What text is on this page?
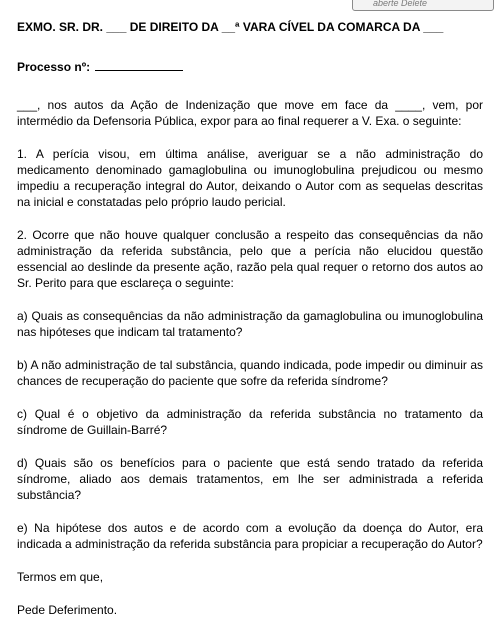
aberte Delete

EXMO. SR. DR. ___ DE DIREITO DA __ª VARA CÍVEL DA COMARCA DA ___

Processo nº:

___, nos autos da Ação de Indenização que move em face da ____, vem, por intermédio da Defensoria Pública, expor para ao final requerer a V. Exa. o seguinte:

1. A perícia visou, em última análise, averiguar se a não administração do medicamento denominado gamaglobulina ou imunoglobulina prejudicou ou mesmo impediu a recuperação integral do Autor, deixando o Autor com as sequelas descritas na inicial e constatadas pelo próprio laudo pericial.

2. Ocorre que não houve qualquer conclusão a respeito das consequências da não administração da referida substância, pelo que a perícia não elucidou questão essencial ao deslinde da presente ação, razão pela qual requer o retorno dos autos ao Sr. Perito para que esclareça o seguinte:

a) Quais as consequências da não administração da gamaglobulina ou imunoglobulina nas hipóteses que indicam tal tratamento?

b) A não administração de tal substância, quando indicada, pode impedir ou diminuir as chances de recuperação do paciente que sofre da referida síndrome?

c) Qual é o objetivo da administração da referida substância no tratamento da síndrome de Guillain-Barré?

d) Quais são os benefícios para o paciente que está sendo tratado da referida síndrome, aliado aos demais tratamentos, em lhe ser administrada a referida substância?

e) Na hipótese dos autos e de acordo com a evolução da doença do Autor, era indicada a administração da referida substância para propiciar a recuperação do Autor?

Termos em que,

Pede Deferimento.
